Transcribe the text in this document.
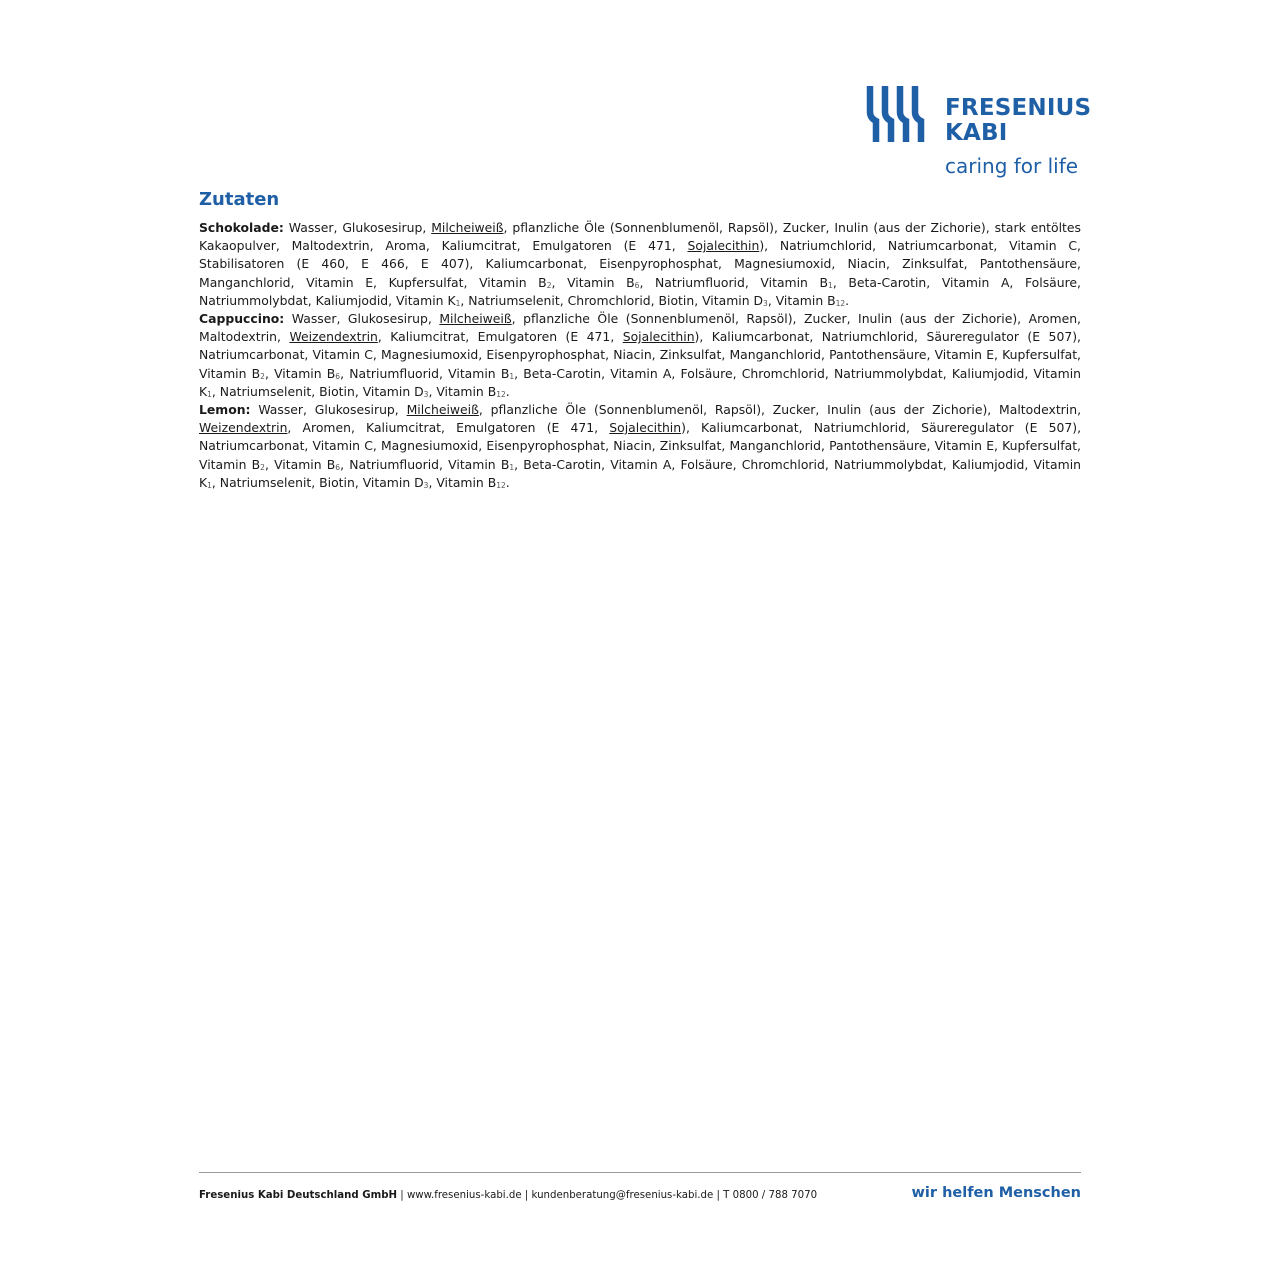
FRESENIUS
KABI
caring for life
Zutaten

Schokolade: Wasser, Glukosesirup, Milcheiweiß, pflanzliche Öle (Sonnenblumenöl, Rapsöl), Zucker, Inulin (aus der Zichorie), stark entöltes Kakaopulver, Maltodextrin, Aroma, Kaliumcitrat, Emulgatoren (E 471, Sojalecithin), Natriumchlorid, Natriumcarbonat, Vitamin C, Stabilisatoren (E 460, E 466, E 407), Kaliumcarbonat, Eisenpyrophosphat, Magnesiumoxid, Niacin, Zinksulfat, Pantothensäure, Manganchlorid, Vitamin E, Kupfersulfat, Vitamin $B_2$, Vitamin $B_6$, Natriumfluorid, Vitamin $B_1$, Beta-Carotin, Vitamin A, Folsäure, Natriummolybdat, Kaliumjodid, Vitamin $K_1$, Natriumselenit, Chromchlorid, Biotin, Vitamin $D_3$, Vitamin $B_{12}$.

Cappuccino: Wasser, Glukosesirup, Milcheiweiß, pflanzliche Öle (Sonnenblumenöl, Rapsöl), Zucker, Inulin (aus der Zichorie), Aromen, Maltodextrin, Weizendextrin, Kaliumcitrat, Emulgatoren (E 471, Sojalecithin), Kaliumcarbonat, Natriumchlorid, Säureregulator (E 507), Natriumcarbonat, Vitamin C, Magnesiumoxid, Eisenpyrophosphat, Niacin, Zinksulfat, Manganchlorid, Pantothensäure, Vitamin E, Kupfersulfat, Vitamin $B_2$, Vitamin $B_6$, Natriumfluorid, Vitamin $B_1$, Beta-Carotin, Vitamin A, Folsäure, Chromchlorid, Natriummolybdat, Kaliumjodid, Vitamin $K_1$, Natriumselenit, Biotin, Vitamin $D_3$, Vitamin $B_{12}$.

Lemon: Wasser, Glukosesirup, Milcheiweiß, pflanzliche Öle (Sonnenblumenöl, Rapsöl), Zucker, Inulin (aus der Zichorie), Maltodextrin, Weizendextrin, Aromen, Kaliumcitrat, Emulgatoren (E 471, Sojalecithin), Kaliumcarbonat, Natriumchlorid, Säureregulator (E 507), Natriumcarbonat, Vitamin C, Magnesiumoxid, Eisenpyrophosphat, Niacin, Zinksulfat, Manganchlorid, Pantothensäure, Vitamin E, Kupfersulfat, Vitamin $B_2$, Vitamin $B_6$, Natriumfluorid, Vitamin $B_1$, Beta-Carotin, Vitamin A, Folsäure, Chromchlorid, Natriummolybdat, Kaliumjodid, Vitamin $K_1$, Natriumselenit, Biotin, Vitamin $D_3$, Vitamin $B_{12}$.

Fresenius Kabi Deutschland GmbH | www.fresenius-kabi.de | kundenberatung@fresenius-kabi.de | T 0800 / 788 7070	wir helfen Menschen
